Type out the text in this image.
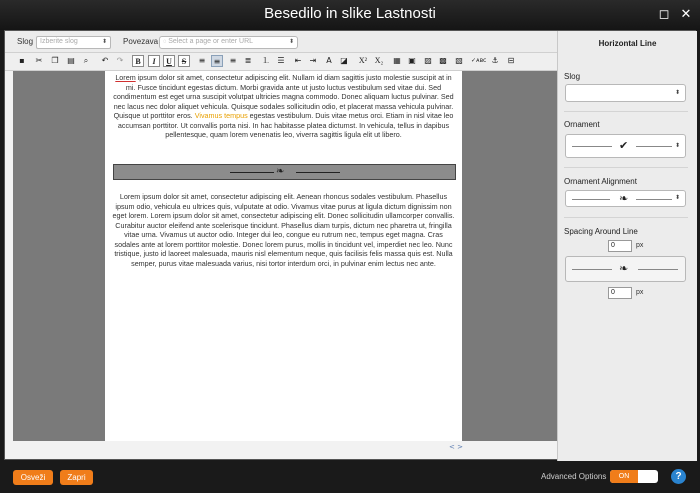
Besedilo in slike Lastnosti	◻ ✕
Slog Izberite slog	⬍ Povezava ◌ Select a page or enter URL	⬍
▪	✂	❐	▤	⌕	↶	↷	B	I	U	S	≡	≡	≡	≣	⒈ ☰	⇤	⇥	A	◪ X² X₂ ▦ ▣ ▨ ▩ ▧	✓ᴀʙᴄ ⚓	⊟
Lorem ipsum dolor sit amet, consectetur adipiscing elit. Nullam id diam sagittis justo molestie suscipit at in mi. Fusce tincidunt egestas dictum. Morbi gravida ante ut justo luctus vestibulum sed vitae dui. Sed condimentum est eget urna suscipit volutpat ultricies magna commodo. Donec aliquam luctus pulvinar. Sed nec lacus nec dolor aliquet vehicula. Quisque sodales sollicitudin odio, et placerat massa vehicula pulvinar. Quisque ut porttitor eros. Vivamus tempus egestas vestibulum. Duis vitae metus orci. Etiam in nisl vitae leo accumsan porttitor. Ut convallis porta nisi. In hac habitasse platea dictumst. In vehicula, tellus in dapibus pellentesque, quam lorem venenatis leo, viverra sagittis ligula elit ut libero.
❧
Lorem ipsum dolor sit amet, consectetur adipiscing elit. Aenean rhoncus sodales vestibulum. Phasellus ipsum odio, vehicula eu ultrices quis, vulputate at odio. Vivamus vitae purus at ligula dictum dignissim non eget lorem. Lorem ipsum dolor sit amet, consectetur adipiscing elit. Donec sollicitudin ullamcorper convallis. Curabitur auctor eleifend ante scelerisque tincidunt. Phasellus diam turpis, dictum nec pharetra ut, fringilla vitae urna. Vivamus ut auctor odio. Integer dui leo, congue eu rutrum nec, tempus eget magna. Cras sodales ante at lorem porttitor molestie. Donec lorem purus, mollis in tincidunt vel, imperdiet nec leo. Nunc tristique, justo id laoreet malesuada, mauris nisl elementum neque, quis facilisis felis massa quis est. Nulla semper, purus vitae malesuada varius, nisi tortor interdum orci, in pulvinar enim lectus nec ante.
< >
Horizontal Line
Slog
⬍
Ornament
✔	⬍
Ornament Alignment
❧	⬍
Spacing Around Line
0	px
❧
0	px
Osveži	Zapri	Advanced Options	ON	?
